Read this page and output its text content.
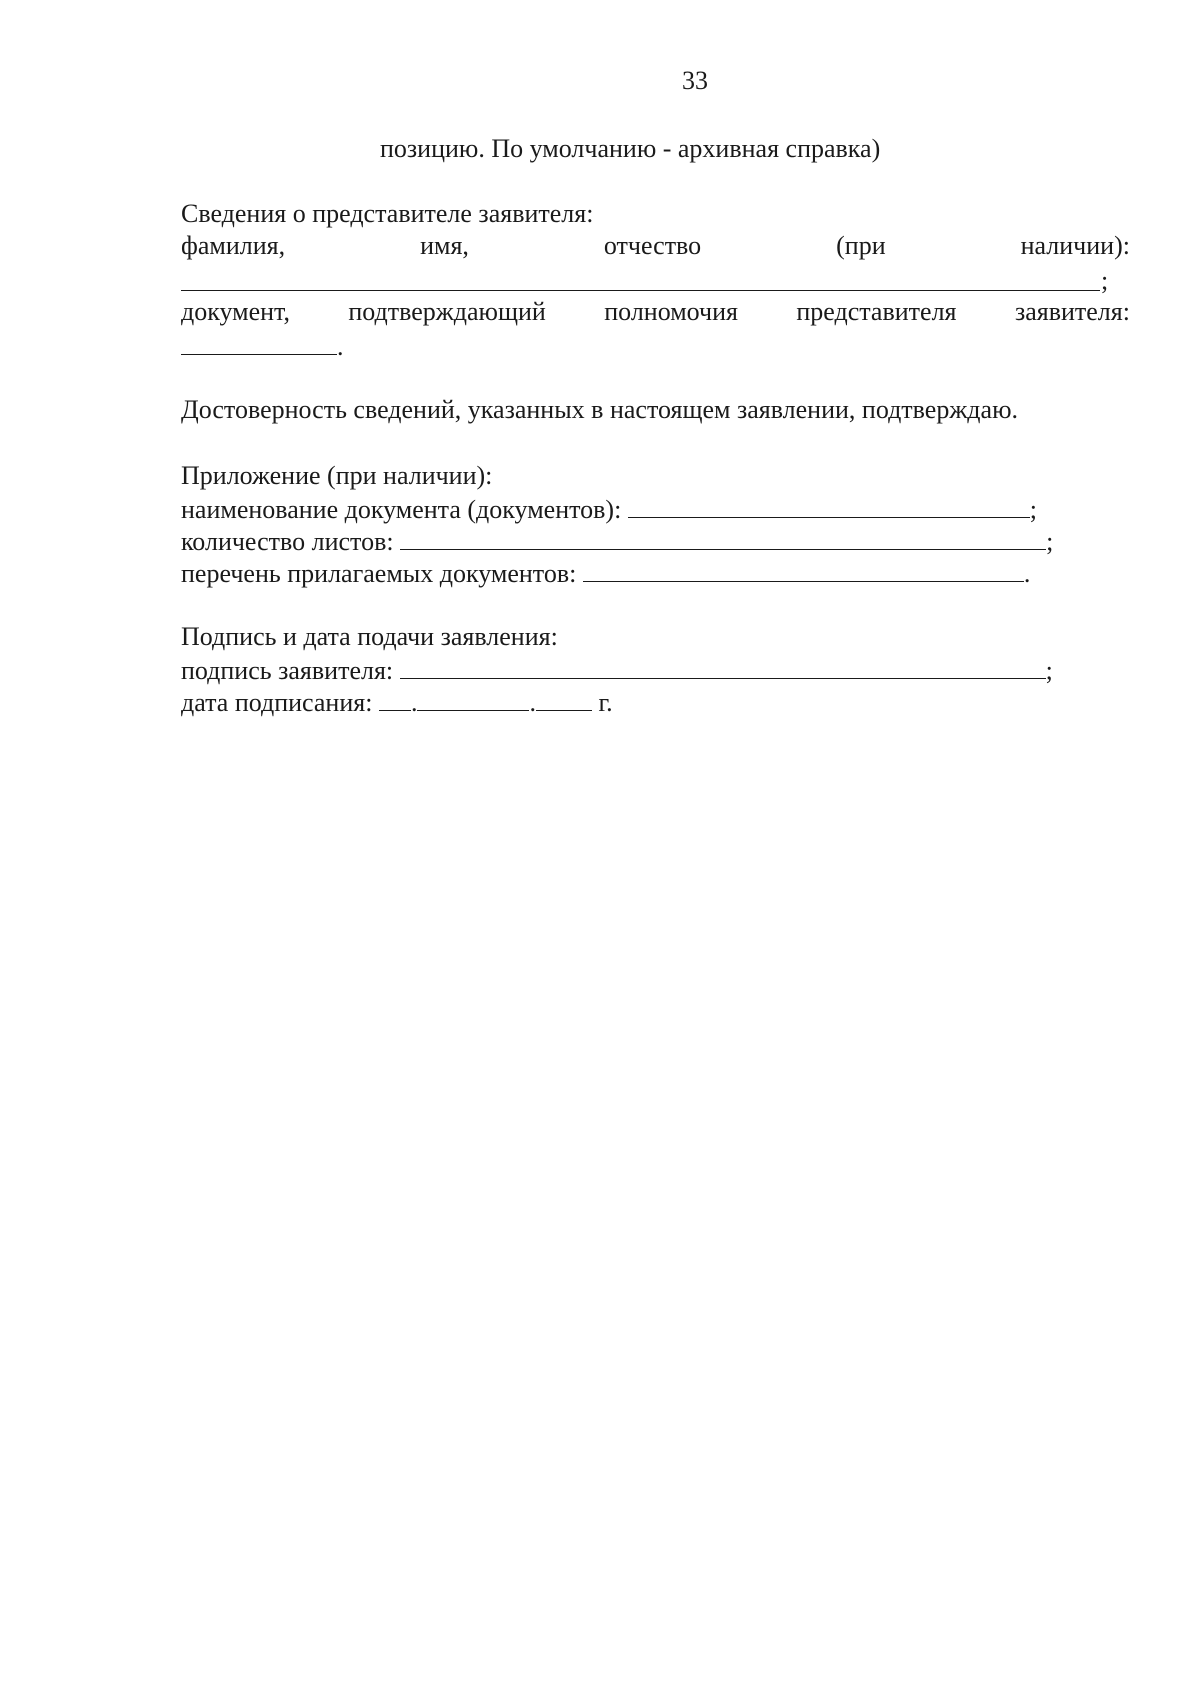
33
позицию. По умолчанию - архивная справка)
Сведения о представителе заявителя:
фамилия,	имя,	отчество	(при	наличии):
;
документ, подтверждающий полномочия представителя заявителя:
.
Достоверность сведений, указанных в настоящем заявлении, подтверждаю.
Приложение (при наличии):
наименование документа (документов):	;
количество листов:	;
перечень прилагаемых документов:	.
Подпись и дата подачи заявления:
подпись заявителя:	;
дата подписания: .	. г.
